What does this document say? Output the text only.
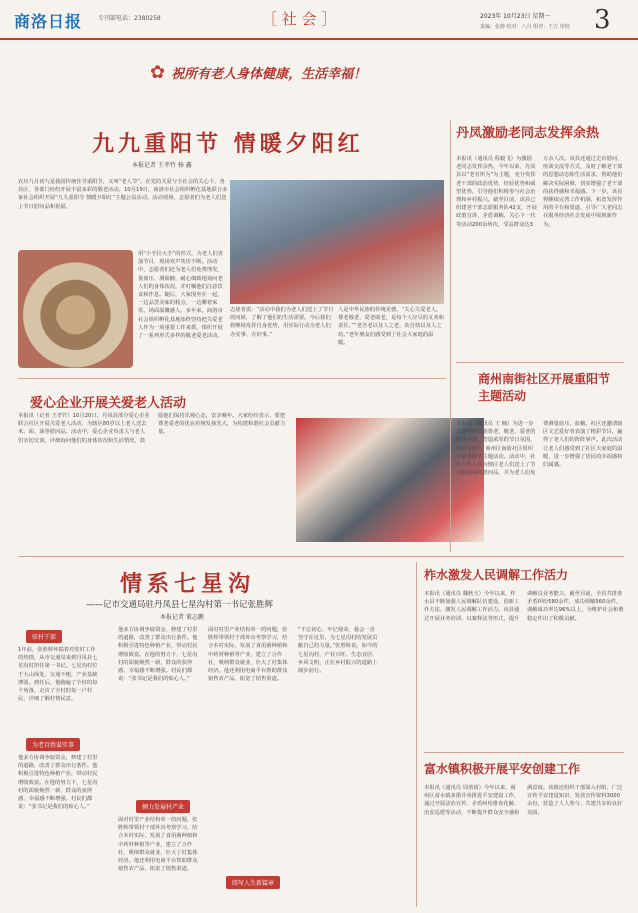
商洛日报	专刊部电话：2380258	［ 社 会 ］	2023年 10月23日 星期一
责编：张静 校对：八月 组对：王吉 审校 3
✿ 祝所有老人身体健康，生活幸福！
九九重阳节 情暖夕阳红
本报记者 王孝竹 杨 鑫
农历九月初九是我国传统佳节重阳节，又叫“老人节”。在党的关爱与全社会的关心下，各县区、各部门纷纷开展丰富多彩的敬老活动。10月19日，商洛市社会组织孵化基地联合多家社会组织开展“九九重阳节 情暖夕阳红”主题公益活动。活动现场，志愿者们为老人们送上节日慰问品和祝福，
用“小手拉大手”的形式，为老人们表演节目，现场欢声笑语不断。活动中，志愿者们还为老人们免费理发、量血压、测血糖，耐心细致地询问老人们的身体状况，并叮嘱他们注意饮食和作息。随后，大家围坐在一起，一边品尝美味的糕点，一边聊着家常，场面温馨感人。多年来，商洛市社会组织孵化基地始终坚持把关爱老人作为一项重要工作来抓，组织开展了一系列形式多样的敬老爱老活动。
志愿者说：“活动中我们为老人们送上了节日的问候，了解了他们的生活需要。今后我们将继续发挥自身优势，用实际行动为老人们办实事、办好事。”
人是中华民族的传统美德。“关心关爱老人，尊老敬老、爱老助老，是每个人应尽的义务和责任。”“老吾老以及人之老，幼吾幼以及人之幼。”老年朋友们感受到了社会大家庭的温暖。
爱心企业开展关爱老人活动
本报讯（记者 王孝竹）10月20日，丹凤县部分爱心企业联合社区开展关爱老人活动，为辖区80岁以上老人送去米、面、油等慰问品。活动中，爱心企业负责人与老人们亲切交谈，详细询问他们的身体状况和生活情况，鼓励他们保持乐观心态，安享晚年。大家纷纷表示，要把尊老爱老的优良传统发扬光大，为构建和谐社会贡献力量。
丹凤激励老同志发挥余热
本报讯（通讯员 程毅飞）为激励老同志发挥余热，今年以来，丹凤县以“老有所为”为主题，充分发挥老干部的政治优势、经验优势和威望优势，引导他们积极参与社会治理和乡村振兴。截至目前，该县已组建老干部志愿服务队42支，开展政策宣讲、矛盾调解、关心下一代等活动200余场次，受益群众达3万余人次。该县还通过走访慰问、座谈交流等方式，及时了解老干部的思想动态和生活需求，帮助他们解决实际困难，切实增强了老干部的获得感和幸福感。下一步，该县将继续完善工作机制，拓宽发挥作用的平台和渠道，引导广大老同志在服务经济社会发展中展现新作为。
商州南街社区开展重阳节主题活动
本报讯（通讯员 王 楠）为进一步弘扬中华民族尊老、敬老、爱老的传统美德，营造浓厚的节日氛围，10月20日，商州区南街社区组织开展重阳节主题活动。活动中，社区工作人员为辖区老人们送上了节日的祝福和慰问品，并为老人们免费测量血压、血糖。社区还邀请辖区文艺爱好者表演了精彩节目，赢得了老人们的阵阵掌声。此次活动让老人们感受到了社区大家庭的温暖，进一步增强了居民的幸福感和归属感。
情系七星沟
——记市交通局驻丹凤县七星沟村第一书记张胜辉
本报记者 董志鹏
驻村干部
1年前，张胜辉怀揣着对驻村工作的热情，从市交通局来到丹凤县七星沟村担任第一书记。七星沟村位于大山深处，交通不便，产业基础薄弱。到任后，他跑遍了全村的每个角落，走访了全村的每一户村民，详细了解村情民意。
为老百姓谋实事
他多方协调争取资金，修建了村里的道路，改善了群众出行条件。他积极引进特色种植产业，带动村民增收致富。在他的努力下，七星沟村的面貌焕然一新，群众的获得感、幸福感不断增强。村民们都说：“张书记是我们的贴心人。”
他多方协调争取资金，修建了村里的道路，改善了群众出行条件。他积极引进特色种植产业，带动村民增收致富。在他的努力下，七星沟村的面貌焕然一新，群众的获得感、幸福感不断增强。村民们都说：“张书记是我们的贴心人。”
倾力发展村产业
面对村里产业结构单一的问题，张胜辉带领村干部外出考察学习，结合本村实际，发展了食用菌种植和中药材种植等产业，建立了合作社，吸纳群众就业，壮大了村集体经济。他还利用电商平台帮助群众销售农产品，拓宽了销售渠道。
面对村里产业结构单一的问题，张胜辉带领村干部外出考察学习，结合本村实际，发展了食用菌种植和中药材种植等产业，建立了合作社，吸纳群众就业，壮大了村集体经济。他还利用电商平台帮助群众销售农产品，拓宽了销售渠道。
续写人生新篇章
“不忘初心、牢记使命，我会一直坚守在这里，为七星沟村的发展贡献自己的力量。”张胜辉说。如今的七星沟村，产业兴旺、生态宜居、乡风文明，正在乡村振兴的道路上阔步前行。
柞水激发人民调解工作活力
本报讯（通讯员 魏秋玉）今年以来，柞水县不断加强人民调解队伍建设，创新工作方法，激发人民调解工作活力。该县通过开展业务培训、以案释法等形式，提升调解员业务能力。截至目前，全县共排查矛盾纠纷580余件，成功调解560余件，调解成功率达96%以上，为维护社会和谐稳定作出了积极贡献。
富水镇积极开展平安创建工作
本报讯（通讯员 周倩倩）今年以来，商州区富水镇多措并举推进平安建设工作，通过开展法治宣传、矛盾纠纷排查化解、治安巡逻等活动，不断提升群众安全感和满意度。该镇还组织干部深入村组，广泛宣传平安建设知识，发放宣传资料3000余份，营造了人人参与、共建共享的良好氛围。
